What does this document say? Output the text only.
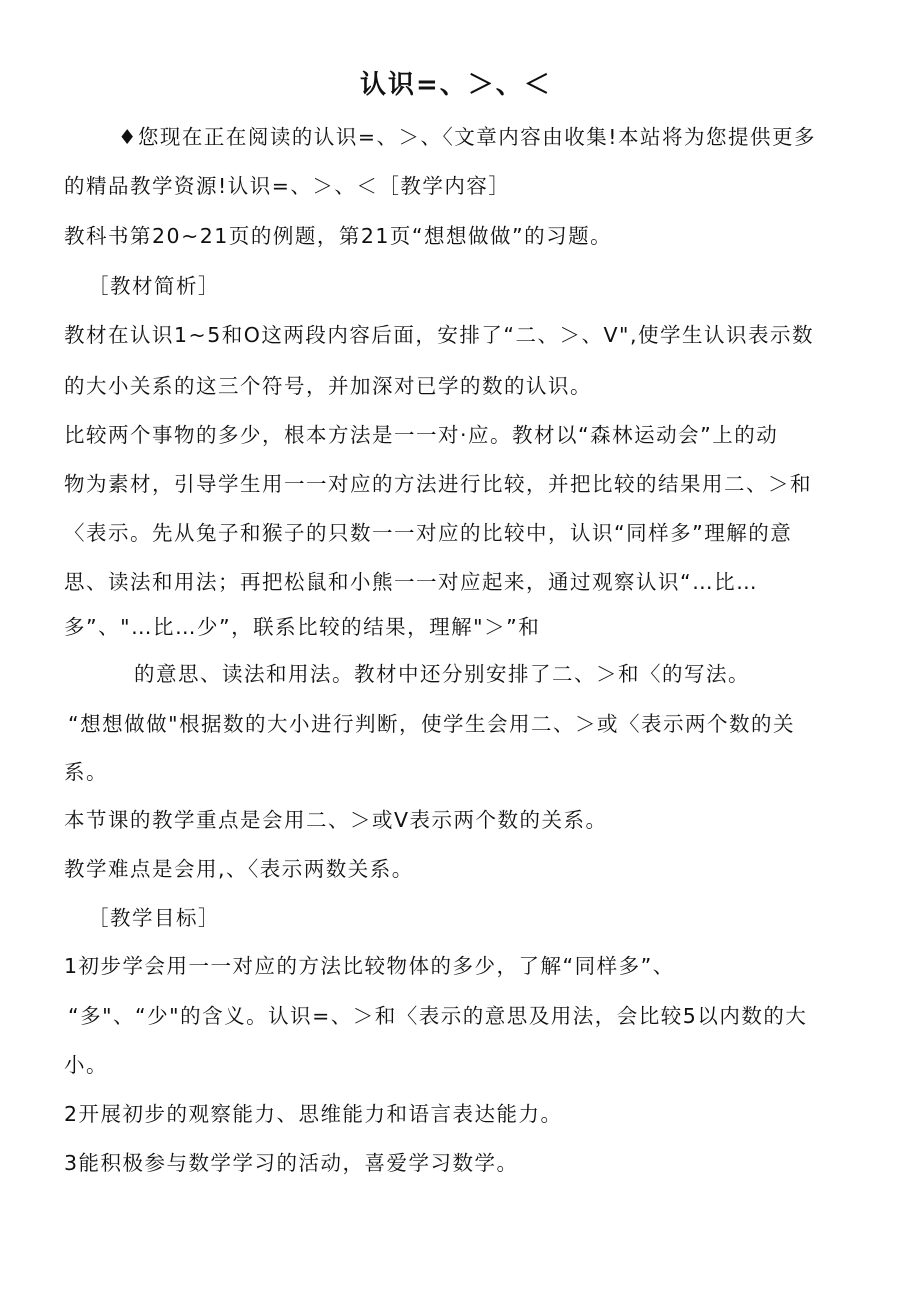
认识=、＞、＜
♦您现在正在阅读的认识=、＞、〈文章内容由收集!本站将为您提供更多
的精品教学资源!认识=、＞、＜［教学内容］
教科书第20~21页的例题，第21页“想想做做”的习题。
［教材简析］
教材在认识1~5和O这两段内容后面，安排了“二、＞、V",使学生认识表示数
的大小关系的这三个符号，并加深对已学的数的认识。
比较两个事物的多少，根本方法是一一对·应。教材以“森林运动会”上的动
物为素材，引导学生用一一对应的方法进行比较，并把比较的结果用二、＞和
〈表示。先从兔子和猴子的只数一一对应的比较中，认识“同样多”理解的意
思、读法和用法；再把松鼠和小熊一一对应起来，通过观察认识“…比…
多”、"…比…少”，联系比较的结果，理解"＞”和
的意思、读法和用法。教材中还分别安排了二、＞和〈的写法。
“想想做做"根据数的大小进行判断，使学生会用二、＞或〈表示两个数的关
系。
本节课的教学重点是会用二、＞或V表示两个数的关系。
教学难点是会用,、〈表示两数关系。
［教学目标］
1初步学会用一一对应的方法比较物体的多少，了解“同样多”、
“多"、“少"的含义。认识=、＞和〈表示的意思及用法，会比较5以内数的大
小。
2开展初步的观察能力、思维能力和语言表达能力。
3能积极参与数学学习的活动，喜爱学习数学。
